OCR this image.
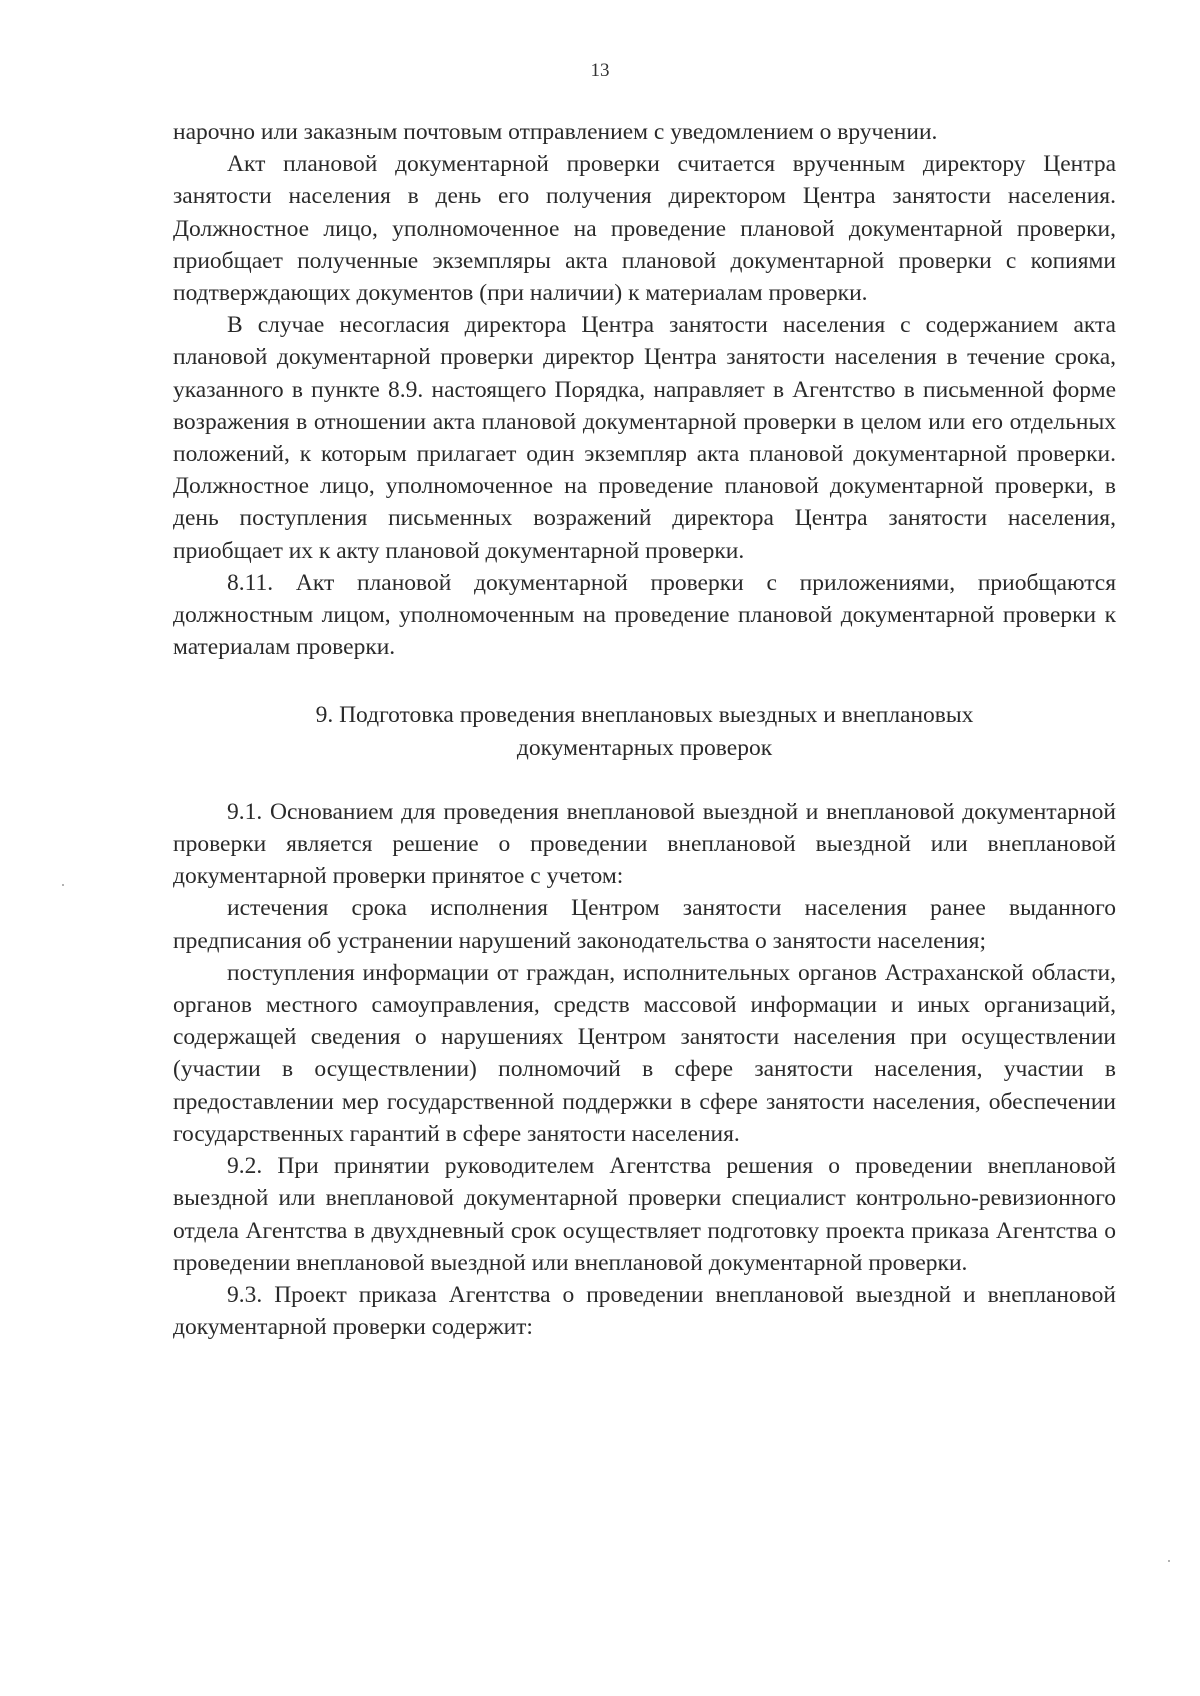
13

нарочно или заказным почтовым отправлением с уведомлением о вручении.

Акт плановой документарной проверки считается врученным директору Центра занятости населения в день его получения директором Центра занятости населения. Должностное лицо, уполномоченное на проведение плановой документарной проверки, приобщает полученные экземпляры акта плановой документарной проверки с копиями подтверждающих документов (при наличии) к материалам проверки.

В случае несогласия директора Центра занятости населения с содержанием акта плановой документарной проверки директор Центра занятости населения в течение срока, указанного в пункте 8.9. настоящего Порядка, направляет в Агентство в письменной форме возражения в отношении акта плановой документарной проверки в целом или его отдельных положений, к которым прилагает один экземпляр акта плановой документарной проверки. Должностное лицо, уполномоченное на проведение плановой документарной проверки, в день поступления письменных возражений директора Центра занятости населения, приобщает их к акту плановой документарной проверки.

8.11. Акт плановой документарной проверки с приложениями, приобщаются должностным лицом, уполномоченным на проведение плановой документарной проверки к материалам проверки.

9. Подготовка проведения внеплановых выездных и внеплановых
документарных проверок

9.1. Основанием для проведения внеплановой выездной и внеплановой документарной проверки является решение о проведении внеплановой выездной или внеплановой документарной проверки принятое с учетом:

истечения срока исполнения Центром занятости населения ранее выданного предписания об устранении нарушений законодательства о занятости населения;

поступления информации от граждан, исполнительных органов Астраханской области, органов местного самоуправления, средств массовой информации и иных организаций, содержащей сведения о нарушениях Центром занятости населения при осуществлении (участии в осуществлении) полномочий в сфере занятости населения, участии в предоставлении мер государственной поддержки в сфере занятости населения, обеспечении государственных гарантий в сфере занятости населения.

9.2. При принятии руководителем Агентства решения о проведении внеплановой выездной или внеплановой документарной проверки специалист контрольно-ревизионного отдела Агентства в двухдневный срок осуществляет подготовку проекта приказа Агентства о проведении внеплановой выездной или внеплановой документарной проверки.

9.3. Проект приказа Агентства о проведении внеплановой выездной и внеплановой документарной проверки содержит:
